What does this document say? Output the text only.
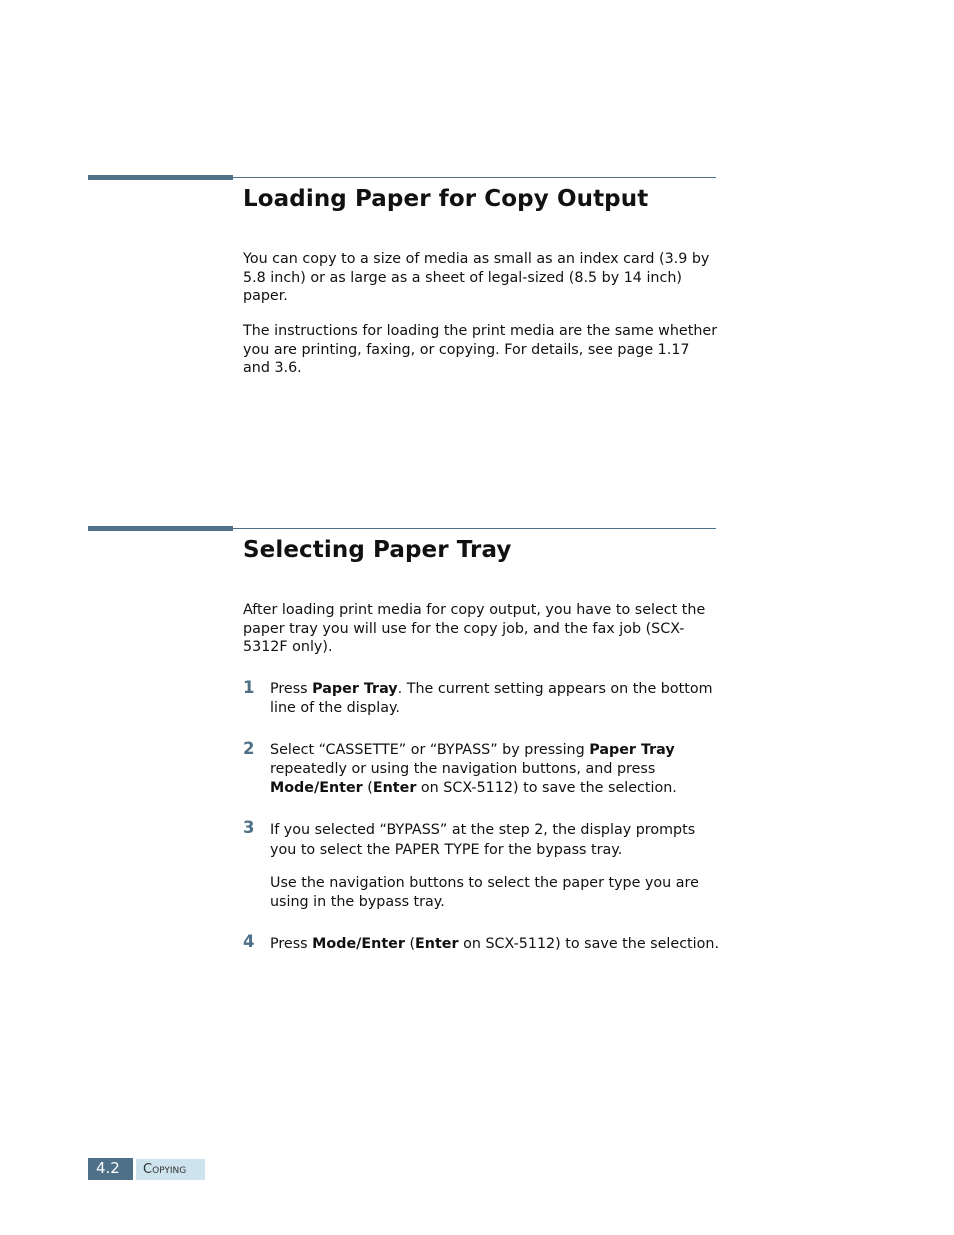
Loading Paper for Copy Output

You can copy to a size of media as small as an index card (3.9 by 5.8 inch) or as large as a sheet of legal-sized (8.5 by 14 inch) paper.

The instructions for loading the print media are the same whether you are printing, faxing, or copying. For details, see page 1.17 and 3.6.

Selecting Paper Tray

After loading print media for copy output, you have to select the paper tray you will use for the copy job, and the fax job (SCX-5312F only).

1 Press Paper Tray. The current setting appears on the bottom line of the display.

2 Select “CASSETTE” or “BYPASS” by pressing Paper Tray repeatedly or using the navigation buttons, and press Mode/Enter (Enter on SCX-5112) to save the selection.

3 If you selected “BYPASS” at the step 2, the display prompts you to select the PAPER TYPE for the bypass tray.

Use the navigation buttons to select the paper type you are using in the bypass tray.

4 Press Mode/Enter (Enter on SCX-5112) to save the selection.

4.2	Copying
